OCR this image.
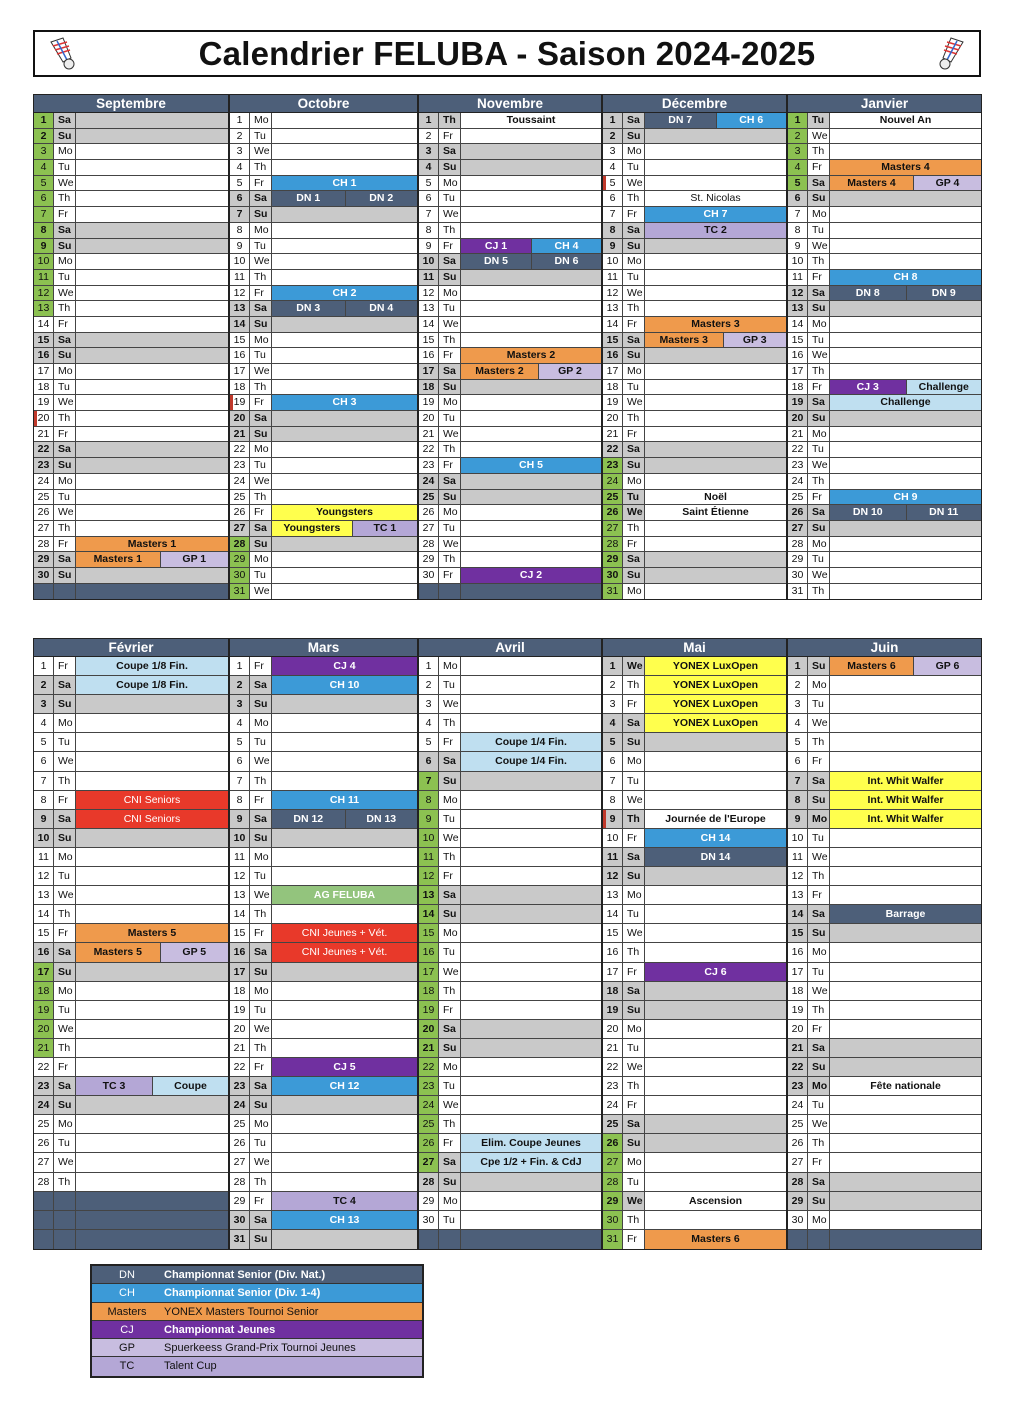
Calendrier FELUBA - Saison 2024-2025
Septembre
1	Sa
2	Su
3	Mo
4	Tu
5	We
6	Th
7	Fr
8	Sa
9	Su
10 Mo
11 Tu
12 We
13 Th
14 Fr
15 Sa
16 Su
17 Mo
18 Tu
19 We
20 Th
21 Fr
22 Sa
23 Su
24 Mo
25 Tu
26 We
27 Th
28 Fr	Masters 1
29 Sa	Masters 1	GP 1
30 Su
Octobre
1	Mo
2	Tu
3	We
4	Th
5	Fr	CH 1
6	Sa	DN 1	DN 2
7	Su
8	Mo
9	Tu
10 We
11 Th
12 Fr	CH 2
13 Sa	DN 3	DN 4
14 Su
15 Mo
16 Tu
17 We
18 Th
19 Fr	CH 3
20 Sa
21 Su
22 Mo
23 Tu
24 We
25 Th
26 Fr	Youngsters
27 Sa	Youngsters	TC 1
28 Su
29 Mo
30 Tu
31 We
Novembre
1	Th	Toussaint
2	Fr
3	Sa
4	Su
5	Mo
6	Tu
7	We
8	Th
9	Fr	CJ 1	CH 4
10 Sa	DN 5	DN 6
11 Su
12 Mo
13 Tu
14 We
15 Th
16 Fr	Masters 2
17 Sa	Masters 2	GP 2
18 Su
19 Mo
20 Tu
21 We
22 Th
23 Fr	CH 5
24 Sa
25 Su
26 Mo
27 Tu
28 We
29 Th
30 Fr	CJ 2
Décembre
1	Sa	DN 7	CH 6
2	Su
3	Mo
4	Tu
5	We
6	Th	St. Nicolas
7	Fr	CH 7
8	Sa	TC 2
9	Su
10 Mo
11 Tu
12 We
13 Th
14 Fr	Masters 3
15 Sa	Masters 3	GP 3
16 Su
17 Mo
18 Tu
19 We
20 Th
21 Fr
22 Sa
23 Su
24 Mo
25 Tu	Noël
26 We	Saint Étienne
27 Th
28 Fr
29 Sa
30 Su
31 Mo
Janvier
1	Tu	Nouvel An
2	We
3	Th
4	Fr	Masters 4
5	Sa	Masters 4	GP 4
6	Su
7	Mo
8	Tu
9	We
10 Th
11 Fr	CH 8
12 Sa	DN 8	DN 9
13 Su
14 Mo
15 Tu
16 We
17 Th
18 Fr	CJ 3	Challenge
19 Sa	Challenge
20 Su
21 Mo
22 Tu
23 We
24 Th
25 Fr	CH 9
26 Sa	DN 10	DN 11
27 Su
28 Mo
29 Tu
30 We
31 Th
Février
1	Fr	Coupe 1/8 Fin.
2	Sa	Coupe 1/8 Fin.
3	Su
4	Mo
5	Tu
6	We
7	Th
8	Fr	CNI Seniors
9	Sa	CNI Seniors
10 Su
11 Mo
12 Tu
13 We
14 Th
15 Fr	Masters 5
16 Sa	Masters 5	GP 5
17 Su
18 Mo
19 Tu
20 We
21 Th
22 Fr
23 Sa	TC 3	Coupe
24 Su
25 Mo
26 Tu
27 We
28 Th
Mars
1	Fr	CJ 4
2	Sa	CH 10
3	Su
4	Mo
5	Tu
6	We
7	Th
8	Fr	CH 11
9	Sa	DN 12	DN 13
10 Su
11 Mo
12 Tu
13 We	AG FELUBA
14 Th
15 Fr	CNI Jeunes + Vét.
16 Sa	CNI Jeunes + Vét.
17 Su
18 Mo
19 Tu
20 We
21 Th
22 Fr	CJ 5
23 Sa	CH 12
24 Su
25 Mo
26 Tu
27 We
28 Th
29 Fr	TC 4
30 Sa	CH 13
31 Su
Avril
1	Mo
2	Tu
3	We
4	Th
5	Fr	Coupe 1/4 Fin.
6	Sa	Coupe 1/4 Fin.
7	Su
8	Mo
9	Tu
10 We
11 Th
12 Fr
13 Sa
14 Su
15 Mo
16 Tu
17 We
18 Th
19 Fr
20 Sa
21 Su
22 Mo
23 Tu
24 We
25 Th
26 Fr	Elim. Coupe Jeunes
27 Sa	Cpe 1/2 + Fin. & CdJ
28 Su
29 Mo
30 Tu
Mai
1	We	YONEX LuxOpen
2	Th	YONEX LuxOpen
3	Fr	YONEX LuxOpen
4	Sa	YONEX LuxOpen
5	Su
6	Mo
7	Tu
8	We
9	Th	Journée de l'Europe
10 Fr	CH 14
11 Sa	DN 14
12 Su
13 Mo
14 Tu
15 We
16 Th
17 Fr	CJ 6
18 Sa
19 Su
20 Mo
21 Tu
22 We
23 Th
24 Fr
25 Sa
26 Su
27 Mo
28 Tu
29 We	Ascension
30 Th
31 Fr	Masters 6
Juin
1	Su	Masters 6	GP 6
2	Mo
3	Tu
4	We
5	Th
6	Fr
7	Sa	Int. Whit Walfer
8	Su	Int. Whit Walfer
9	Mo	Int. Whit Walfer
10 Tu
11 We
12 Th
13 Fr
14 Sa	Barrage
15 Su
16 Mo
17 Tu
18 We
19 Th
20 Fr
21 Sa
22 Su
23 Mo	Fête nationale
24 Tu
25 We
26 Th
27 Fr
28 Sa
29 Su
30 Mo
DN	Championnat Senior (Div. Nat.)
CH	Championnat Senior (Div. 1-4)
Masters	YONEX Masters Tournoi Senior
CJ	Championnat Jeunes
GP	Spuerkeess Grand-Prix Tournoi Jeunes
TC	Talent Cup
